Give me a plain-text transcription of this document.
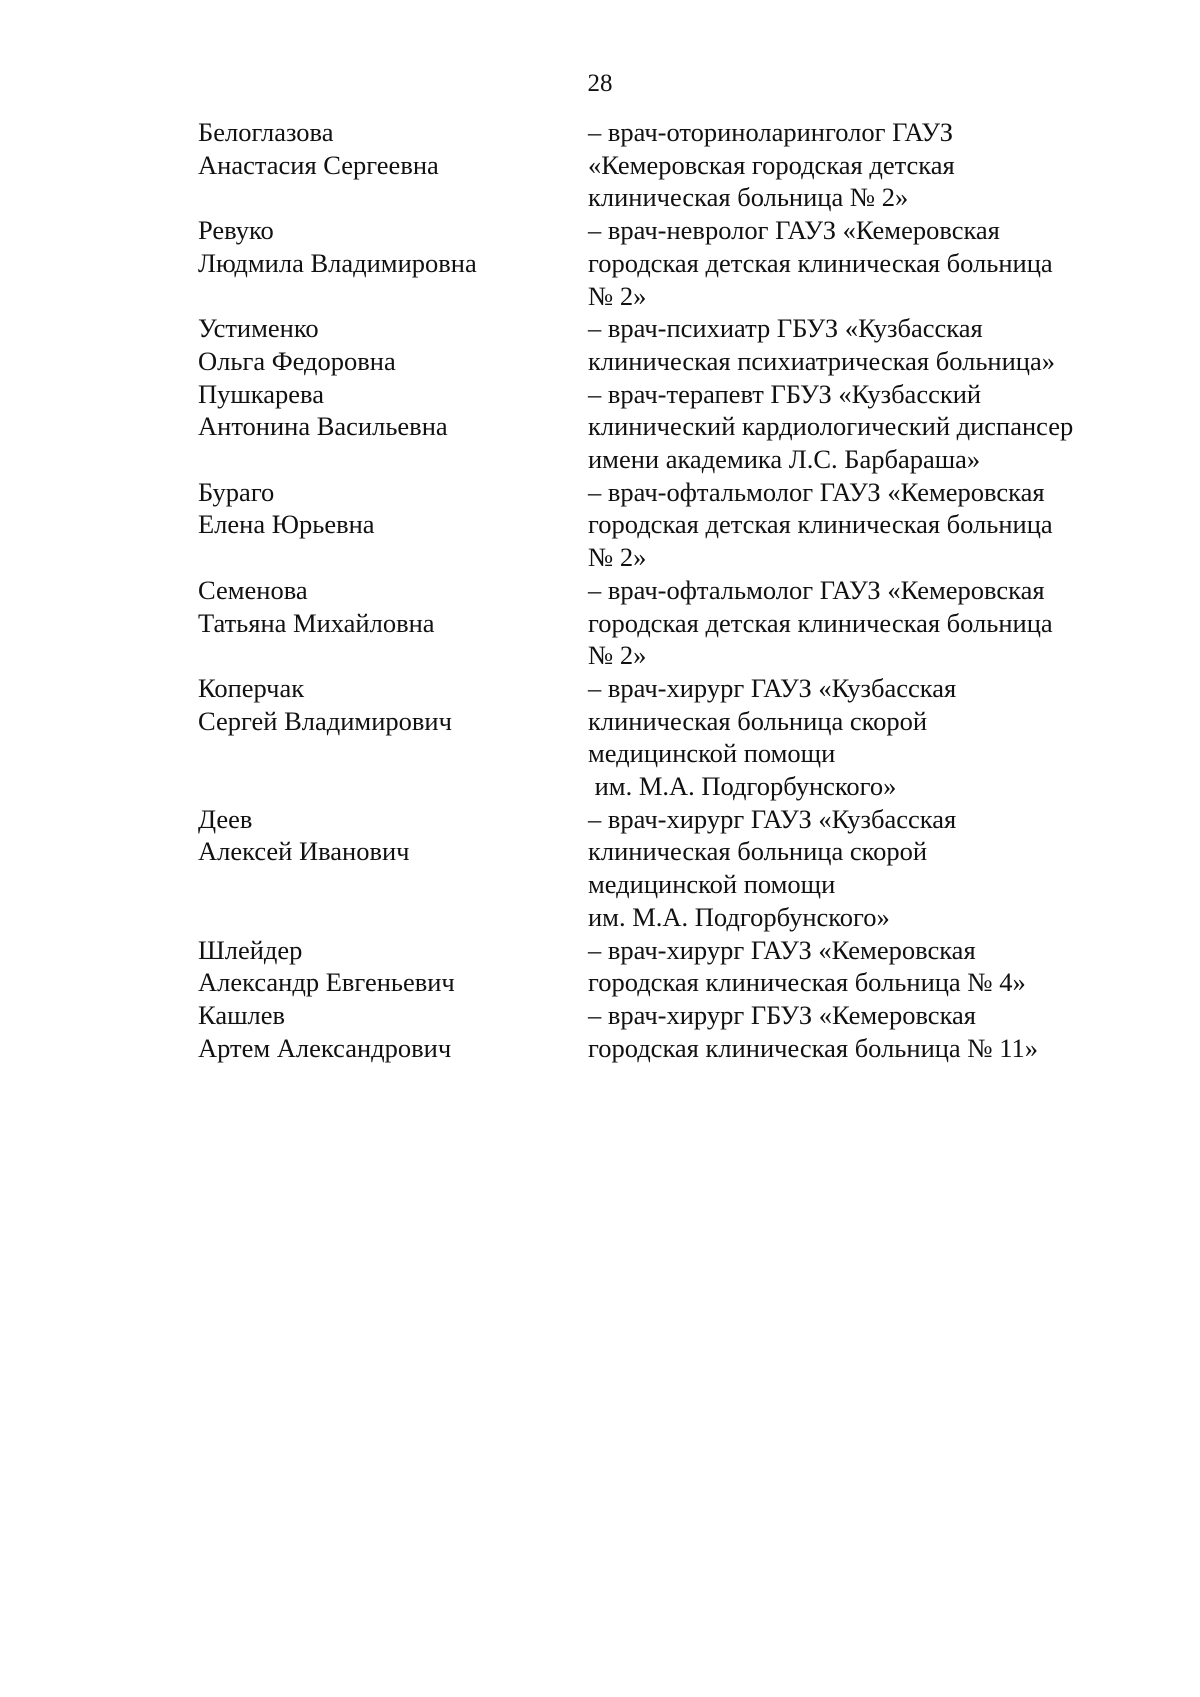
28
Белоглазова
Анастасия Сергеевна
– врач-оториноларинголог ГАУЗ
«Кемеровская городская детская
клиническая больница № 2»
Ревуко
Людмила Владимировна
– врач-невролог ГАУЗ «Кемеровская
городская детская клиническая больница
№ 2»
Устименко
Ольга Федоровна
– врач-психиатр ГБУЗ «Кузбасская
клиническая психиатрическая больница»
Пушкарева
Антонина Васильевна
– врач-терапевт ГБУЗ «Кузбасский
клинический кардиологический диспансер
имени академика Л.С. Барбараша»
Бураго
Елена Юрьевна
– врач-офтальмолог ГАУЗ «Кемеровская
городская детская клиническая больница
№ 2»
Семенова
Татьяна Михайловна
– врач-офтальмолог ГАУЗ «Кемеровская
городская детская клиническая больница
№ 2»
Коперчак
Сергей Владимирович
– врач-хирург ГАУЗ «Кузбасская
клиническая больница скорой
медицинской помощи
им. М.А. Подгорбунского»
Деев
Алексей Иванович
– врач-хирург ГАУЗ «Кузбасская
клиническая больница скорой
медицинской помощи
им. М.А. Подгорбунского»
Шлейдер
Александр Евгеньевич
– врач-хирург ГАУЗ «Кемеровская
городская клиническая больница № 4»
Кашлев
Артем Александрович
– врач-хирург ГБУЗ «Кемеровская
городская клиническая больница № 11»
